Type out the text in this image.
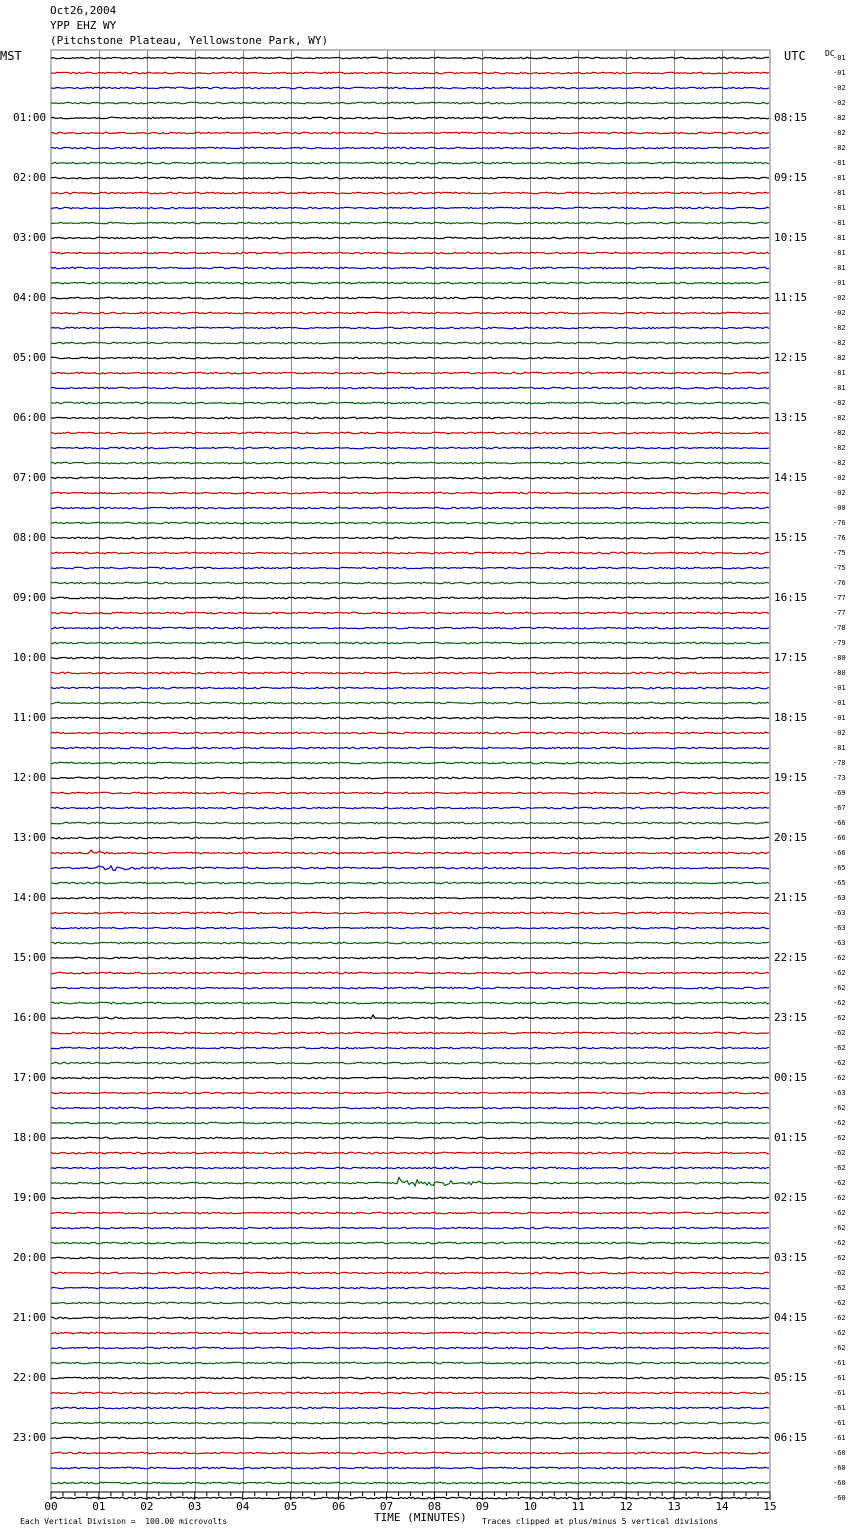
Oct26,2004
YPP EHZ WY
(Pitchstone Plateau, Yellowstone Park, WY)
00	01	02	03	04	05	06	07	08	09	10	11	12	13	14	15
MST	UTC DC
01:00
02:00
03:00
04:00
05:00
06:00
07:00
08:00
09:00
10:00
11:00
12:00
13:00
14:00
15:00
16:00
17:00
18:00
19:00
20:00
21:00
22:00
23:00
08:15
09:15
10:15
11:15
12:15
13:15
14:15
15:15
16:15
17:15
18:15
19:15
20:15
21:15
22:15
23:15
00:15
01:15
02:15
03:15
04:15
05:15
06:15
-01
-01
-02
-02
-82
-82
-82
-81
-81
-81
-81
-81
-81
-81
-81
-01
-02
-02
-82
-82
-82
-81
-81
-82
-82
-82
-82
-82
-02
-02
-00
-76
-76
-75
-75
-76
-77
-77
-78
-79
-80
-80
-01
-01
-01
-02
-81
-78
-73
-69
-67
-66
-66
-66
-65
-65
-63
-63
-63
-63
-62
-62
-62
-62
-62
-62
-62
-62
-62
-63
-62
-62
-62
-62
-62
-62
-62
-62
-62
-62
-62
-62
-62
-62
-62
-62
-62
-61
-61
-61
-61
-61
-61
-60
-60
-60
-60
TIME (MINUTES)
Each Vertical Division =  100.00 microvolts	Traces clipped at plus/minus 5 vertical divisions
